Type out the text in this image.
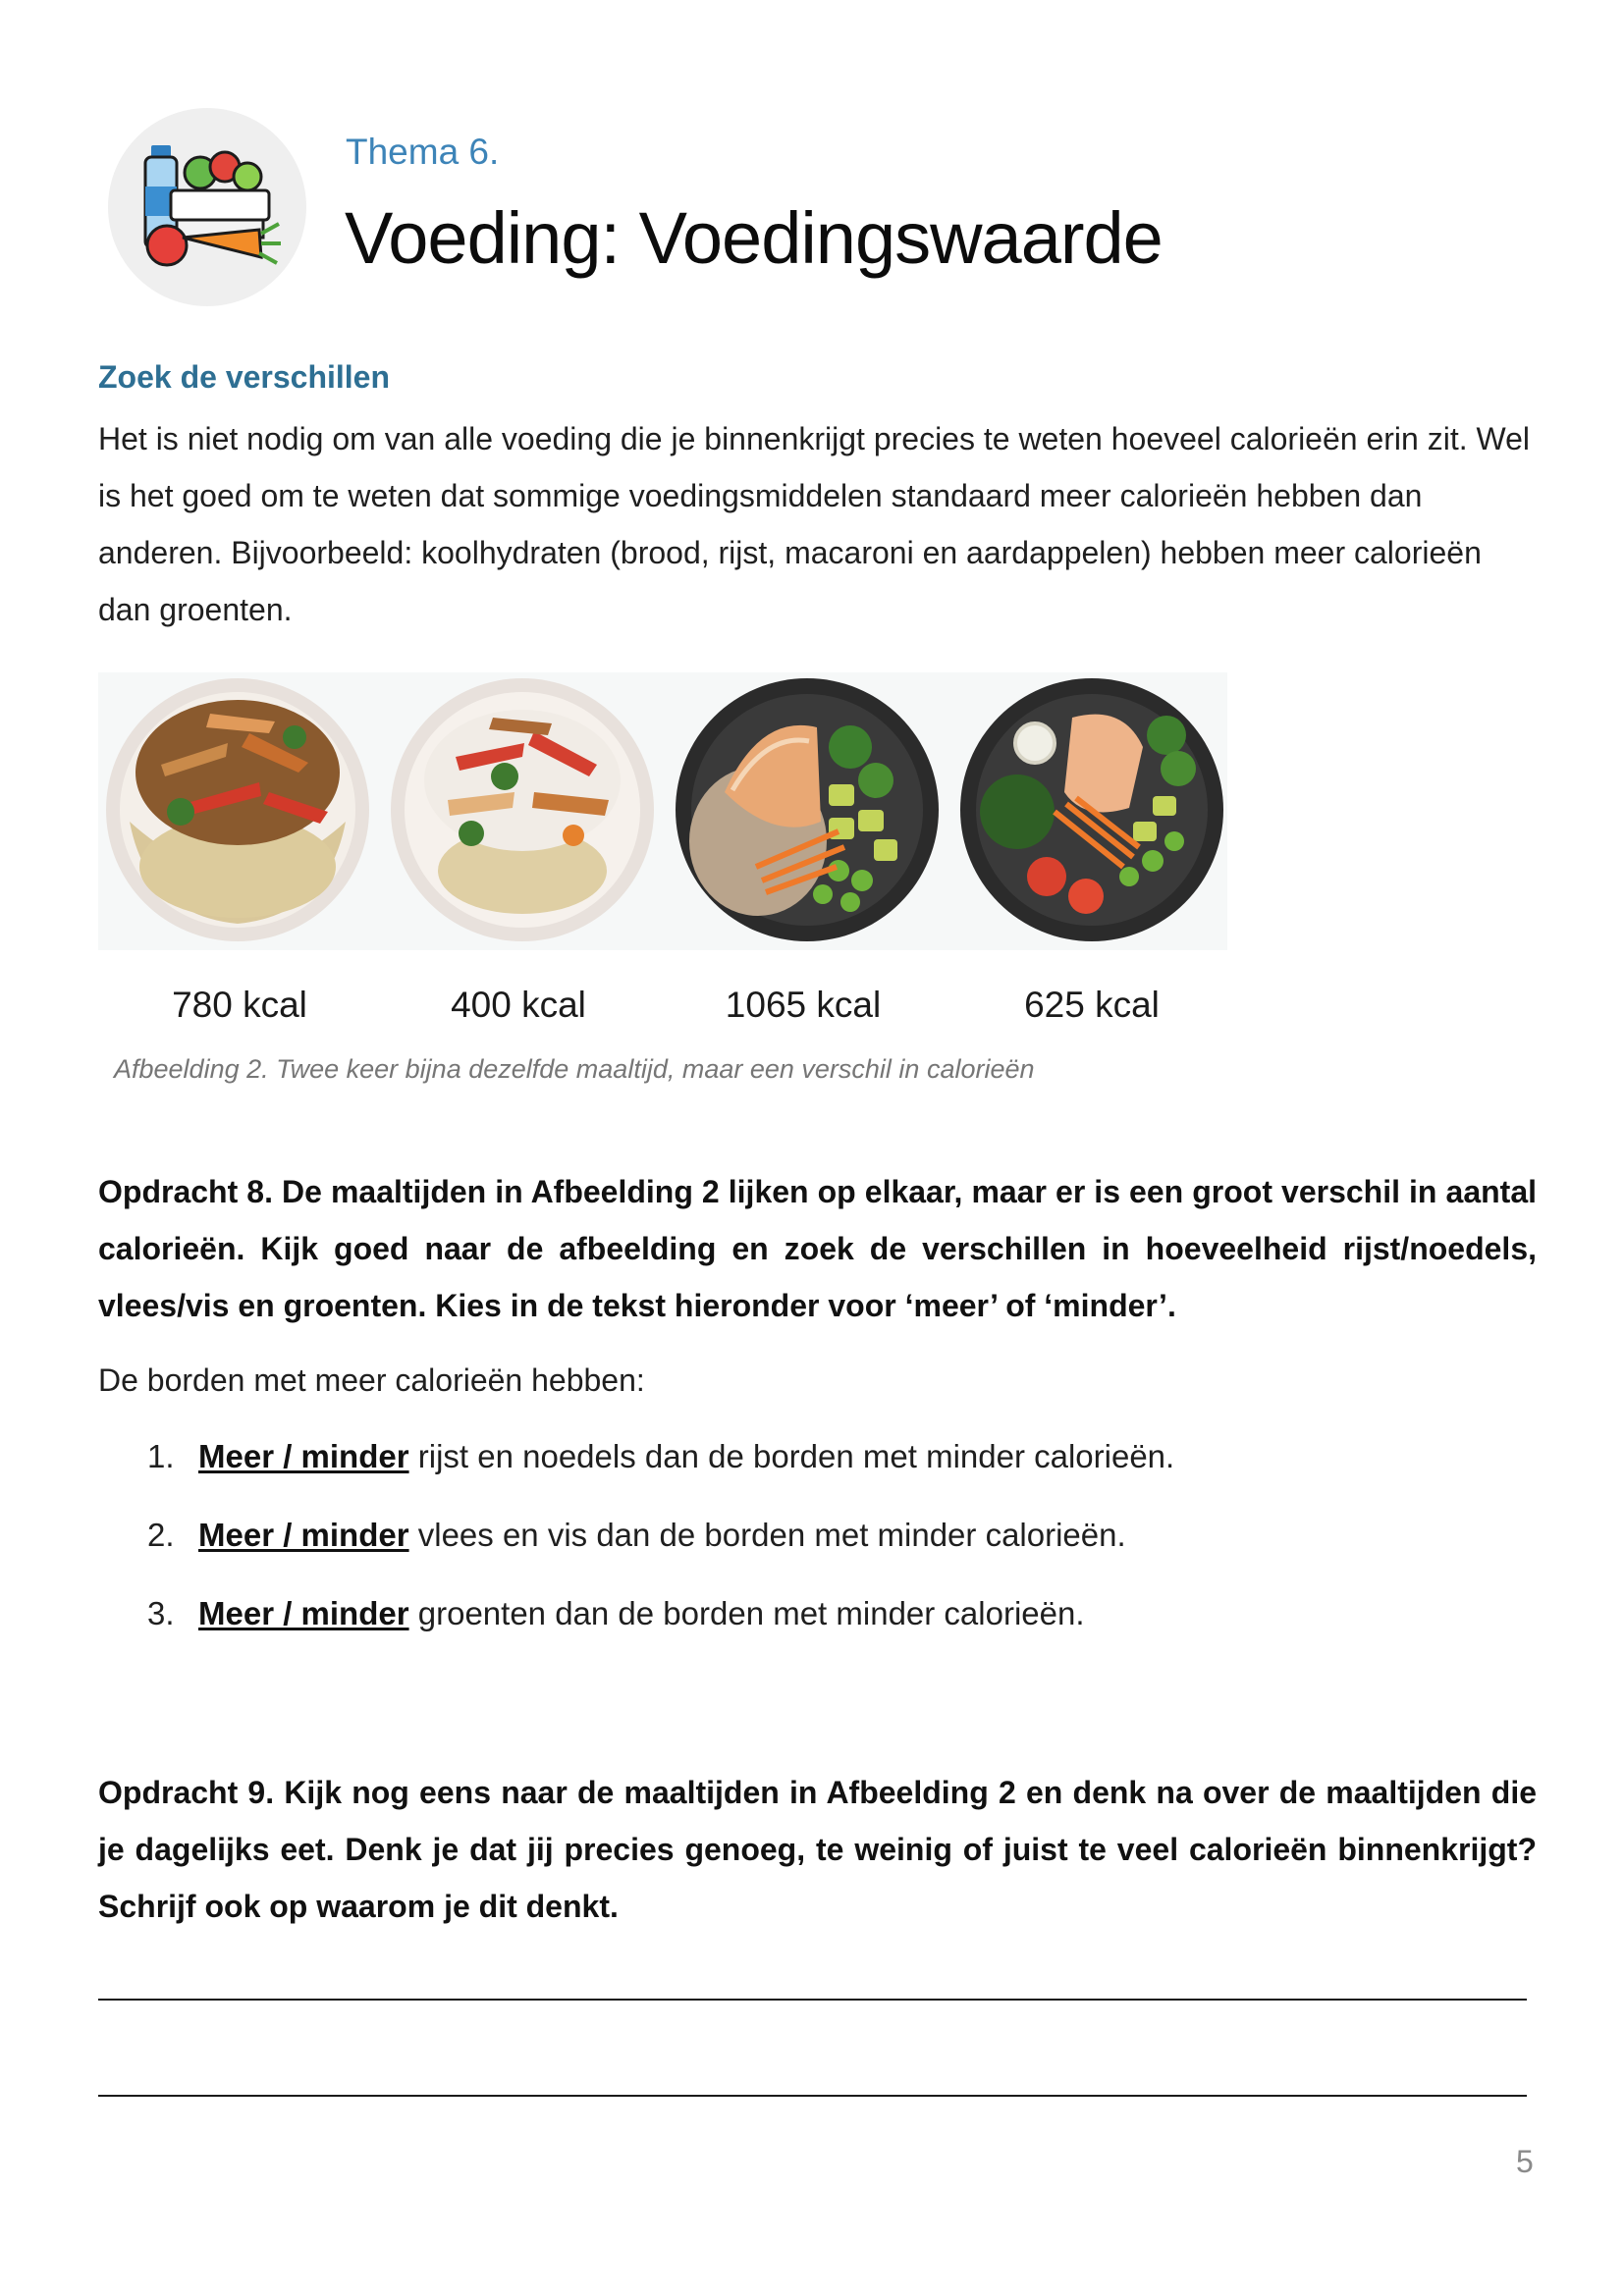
Thema 6.
Voeding: Voedingswaarde
Zoek de verschillen
Het is niet nodig om van alle voeding die je binnenkrijgt precies te weten hoeveel calorieën erin zit. Wel is het goed om te weten dat sommige voedingsmiddelen standaard meer calorieën hebben dan anderen. Bijvoorbeeld: koolhydraten (brood, rijst, macaroni en aardappelen) hebben meer calorieën dan groenten.
780 kcal	400 kcal	1065 kcal	625 kcal
Afbeelding 2. Twee keer bijna dezelfde maaltijd, maar een verschil in calorieën
Opdracht 8. De maaltijden in Afbeelding 2 lijken op elkaar, maar er is een groot verschil in aantal calorieën. Kijk goed naar de afbeelding en zoek de verschillen in hoeveelheid rijst/noedels, vlees/vis en groenten. Kies in de tekst hieronder voor ‘meer’ of ‘minder’.
De borden met meer calorieën hebben:
1. Meer / minder rijst en noedels dan de borden met minder calorieën.
2. Meer / minder vlees en vis dan de borden met minder calorieën.
3. Meer / minder groenten dan de borden met minder calorieën.
Opdracht 9. Kijk nog eens naar de maaltijden in Afbeelding 2 en denk na over de maaltijden die je dagelijks eet. Denk je dat jij precies genoeg, te weinig of juist te veel calorieën binnenkrijgt? Schrijf ook op waarom je dit denkt.
5
